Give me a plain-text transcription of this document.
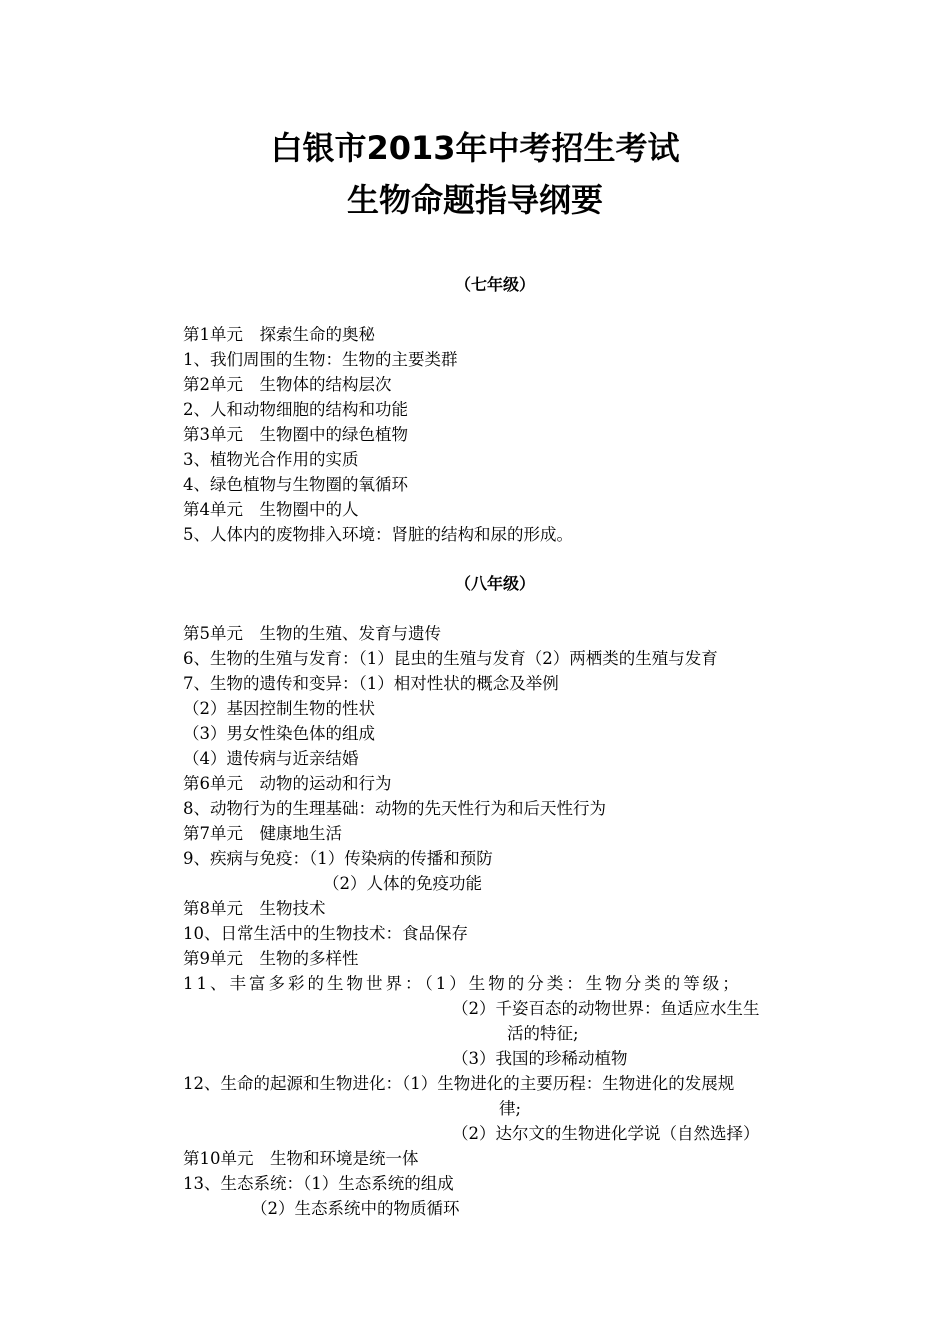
白银市2013年中考招生考试
生物命题指导纲要
（七年级）
第1单元　探索生命的奥秘
1、我们周围的生物：生物的主要类群
第2单元　生物体的结构层次
2、人和动物细胞的结构和功能
第3单元　生物圈中的绿色植物
3、植物光合作用的实质
4、绿色植物与生物圈的氧循环
第4单元　生物圈中的人
5、人体内的废物排入环境：肾脏的结构和尿的形成。
（八年级）
第5单元　生物的生殖、发育与遗传
6、生物的生殖与发育：（1）昆虫的生殖与发育（2）两栖类的生殖与发育
7、生物的遗传和变异：（1）相对性状的概念及举例
（2）基因控制生物的性状
（3）男女性染色体的组成
（4）遗传病与近亲结婚
第6单元　动物的运动和行为
8、动物行为的生理基础：动物的先天性行为和后天性行为
第7单元　健康地生活
9、疾病与免疫：（1）传染病的传播和预防
（2）人体的免疫功能
第8单元　生物技术
10、日常生活中的生物技术：食品保存
第9单元　生物的多样性
11、丰富多彩的生物世界：（1）生物的分类：生物分类的等级；
（2）千姿百态的动物世界：鱼适应水生生
活的特征;
（3）我国的珍稀动植物
12、生命的起源和生物进化：（1）生物进化的主要历程：生物进化的发展规
律;
（2）达尔文的生物进化学说（自然选择）
第10单元　生物和环境是统一体
13、生态系统：（1）生态系统的组成
（2）生态系统中的物质循环
